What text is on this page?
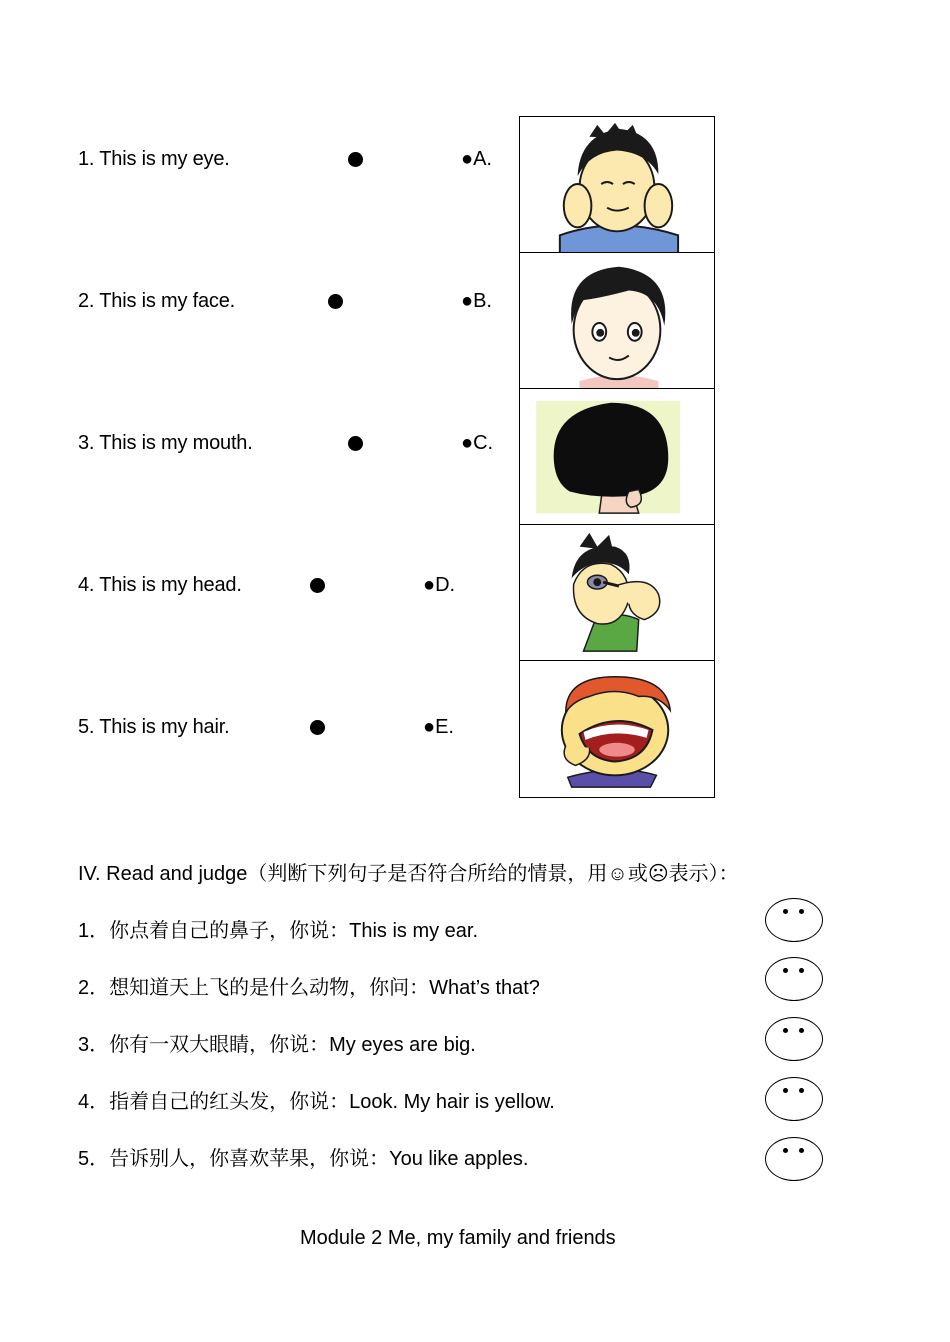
1. This is my eye.
2. This is my face.
3. This is my mouth.
4. This is my head.
5. This is my hair.
●A.
●B.
●C.
●D.
●E.
IV. Read and judge（判断下列句子是否符合所给的情景，用☺或☹表示）：
1．你点着自己的鼻子，你说：This is my ear.
2．想知道天上飞的是什么动物，你问：What’s that?
3．你有一双大眼睛，你说：My eyes are big.
4．指着自己的红头发，你说：Look. My hair is yellow.
5．告诉别人，你喜欢苹果，你说：You like apples.
Module 2 Me, my family and friends
